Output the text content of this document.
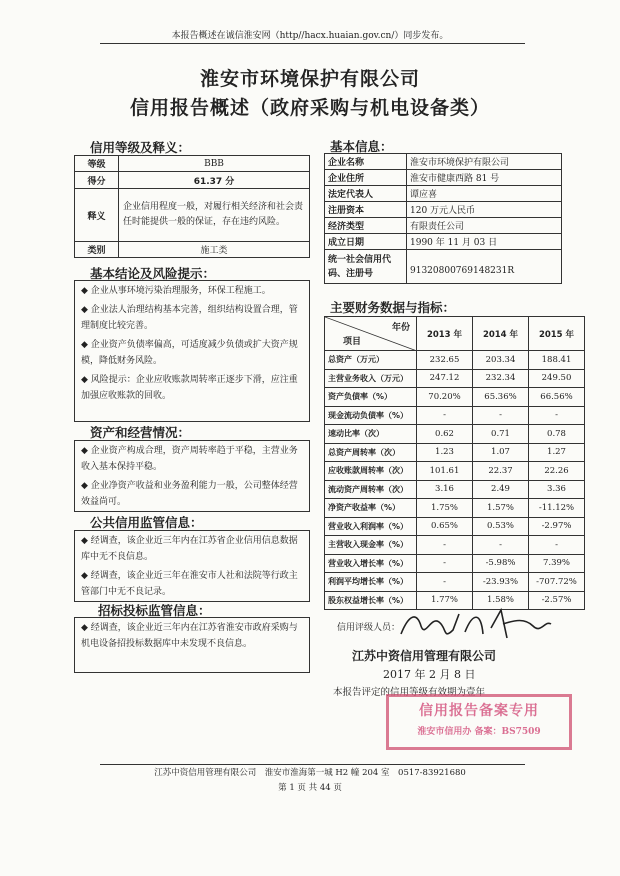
本报告概述在诚信淮安网（http//hacx.huaian.gov.cn/）同步发布。
淮安市环境保护有限公司
信用报告概述（政府采购与机电设备类）
信用等级及释义：
等级	BBB
得分	61.37 分
释义	企业信用程度一般，对履行相关经济和社会责任时能提供一般的保证，存在违约风险。
类别	施工类
基本结论及风险提示：

◆ 企业从事环境污染治理服务，环保工程施工。

◆ 企业法人治理结构基本完善，组织结构设置合理，管理制度比较完善。

◆ 企业资产负债率偏高，可适度减少负债或扩大资产规模，降低财务风险。

◆ 风险提示：企业应收账款周转率正逐步下滑，应注重加强应收账款的回收。

资产和经营情况：

◆ 企业资产构成合理，资产周转率趋于平稳，主营业务收入基本保持平稳。

◆ 企业净资产收益和业务盈利能力一般，公司整体经营效益尚可。

公共信用监管信息：

◆ 经调查，该企业近三年内在江苏省企业信用信息数据库中无不良信息。

◆ 经调查，该企业近三年在淮安市人社和法院等行政主管部门中无不良记录。

招标投标监管信息：

◆ 经调查，该企业近三年内在江苏省淮安市政府采购与机电设备招投标数据库中未发现不良信息。

基本信息：
企业名称	淮安市环境保护有限公司
企业住所	淮安市健康西路 81 号
法定代表人	谭应喜
注册资本	120 万元人民币
经济类型	有限责任公司
成立日期	1990 年 11 月 03 日
统一社会信用代码、注册号	91320800769148231R
主要财务数据与指标：
年份
项目	2013 年	2014 年	2015 年
总资产（万元）	232.65	203.34	188.41
主营业务收入（万元）	247.12	232.34	249.50
资产负债率（%）	70.20%	65.36%	66.56%
现金流动负债率（%）	-	-	-
速动比率（次）	0.62	0.71	0.78
总资产周转率（次）	1.23	1.07	1.27
应收账款周转率（次）	101.61	22.37	22.26
流动资产周转率（次）	3.16	2.49	3.36
净资产收益率（%）	1.75%	1.57%	-11.12%
营业收入利润率（%）	0.65%	0.53%	-2.97%
主营收入现金率（%）	-	-	-
营业收入增长率（%）	-	-5.98%	7.39%
利润平均增长率（%）	-	-23.93%	-707.72%
股东权益增长率（%）	1.77%	1.58%	-2.57%
信用评级人员：
江苏中资信用管理有限公司
2017 年 2 月 8 日
本报告评定的信用等级有效期为壹年
信用报告备案专用
淮安市信用办 备案：BS7509
江苏中资信用管理有限公司　淮安市淮海第一城 H2 幢 204 室　0517-83921680
第 1 页 共 44 页
